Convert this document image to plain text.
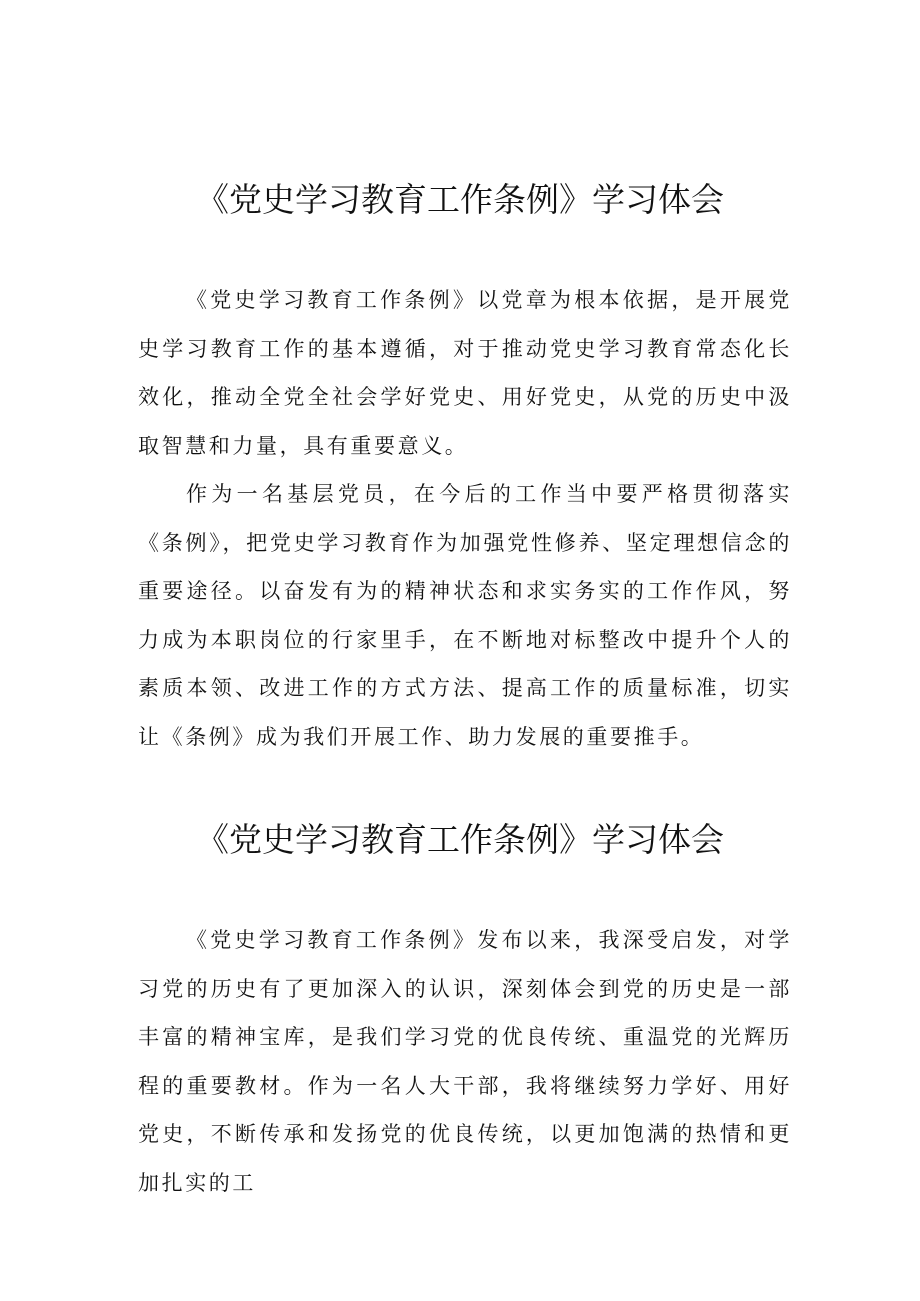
《党史学习教育工作条例》学习体会

《党史学习教育工作条例》以党章为根本依据，是开展党史学习教育工作的基本遵循，对于推动党史学习教育常态化长效化，推动全党全社会学好党史、用好党史，从党的历史中汲取智慧和力量，具有重要意义。

作为一名基层党员，在今后的工作当中要严格贯彻落实《条例》，把党史学习教育作为加强党性修养、坚定理想信念的重要途径。以奋发有为的精神状态和求实务实的工作作风，努力成为本职岗位的行家里手，在不断地对标整改中提升个人的素质本领、改进工作的方式方法、提高工作的质量标准，切实让《条例》成为我们开展工作、助力发展的重要推手。

《党史学习教育工作条例》学习体会

《党史学习教育工作条例》发布以来，我深受启发，对学习党的历史有了更加深入的认识，深刻体会到党的历史是一部丰富的精神宝库，是我们学习党的优良传统、重温党的光辉历程的重要教材。作为一名人大干部，我将继续努力学好、用好党史，不断传承和发扬党的优良传统，以更加饱满的热情和更加扎实的工
